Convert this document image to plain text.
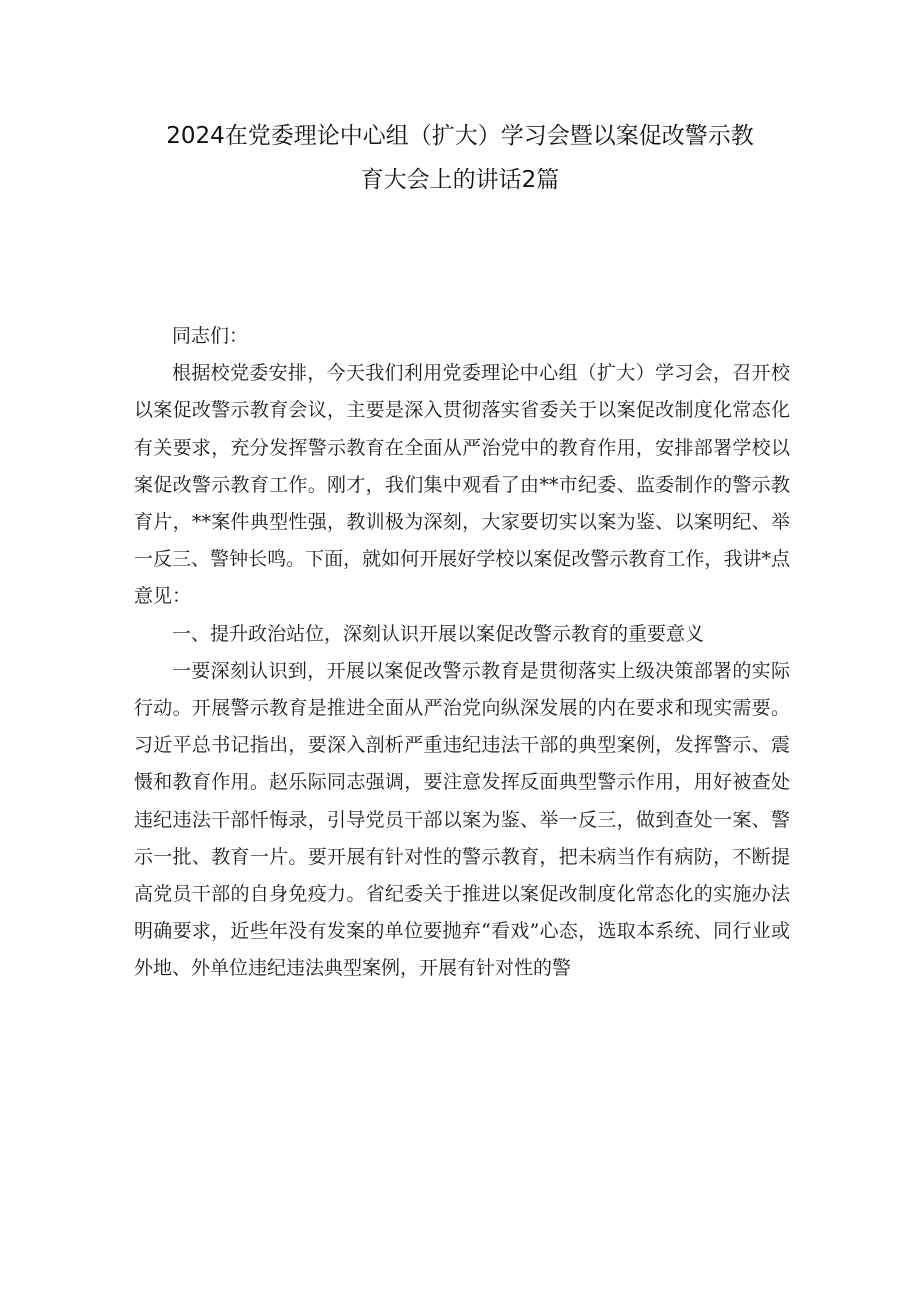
2024在党委理论中心组（扩大）学习会暨以案促改警示教
育大会上的讲话2篇

同志们：

根据校党委安排，今天我们利用党委理论中心组（扩大）学习会，召开校以案促改警示教育会议，主要是深入贯彻落实省委关于以案促改制度化常态化有关要求，充分发挥警示教育在全面从严治党中的教育作用，安排部署学校以案促改警示教育工作。刚才，我们集中观看了由**市纪委、监委制作的警示教育片，**案件典型性强，教训极为深刻，大家要切实以案为鉴、以案明纪、举一反三、警钟长鸣。下面，就如何开展好学校以案促改警示教育工作，我讲*点意见：

一、提升政治站位，深刻认识开展以案促改警示教育的重要意义

一要深刻认识到，开展以案促改警示教育是贯彻落实上级决策部署的实际行动。开展警示教育是推进全面从严治党向纵深发展的内在要求和现实需要。习近平总书记指出，要深入剖析严重违纪违法干部的典型案例，发挥警示、震慑和教育作用。赵乐际同志强调，要注意发挥反面典型警示作用，用好被查处违纪违法干部忏悔录，引导党员干部以案为鉴、举一反三，做到查处一案、警示一批、教育一片。要开展有针对性的警示教育，把未病当作有病防，不断提高党员干部的自身免疫力。省纪委关于推进以案促改制度化常态化的实施办法明确要求，近些年没有发案的单位要抛弃“看戏”心态，选取本系统、同行业或外地、外单位违纪违法典型案例，开展有针对性的警
